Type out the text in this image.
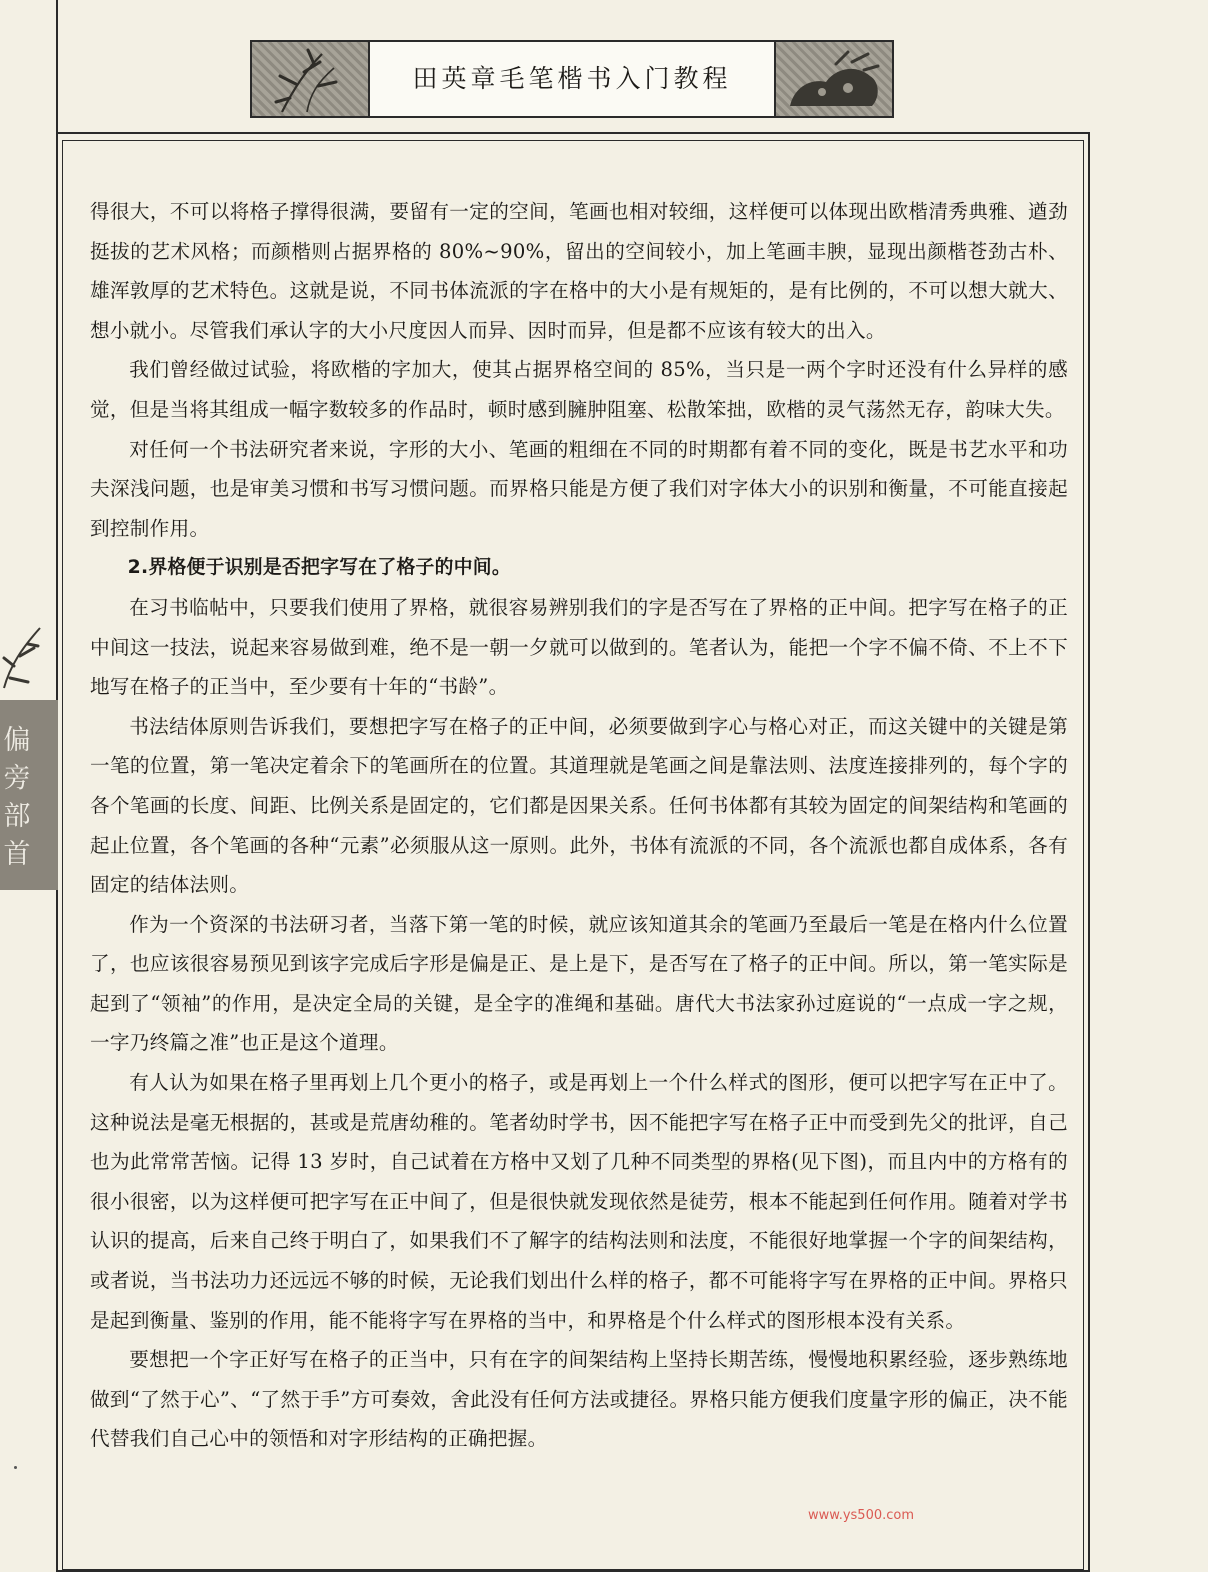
田英章毛笔楷书入门教程
偏
旁
部
首

得很大，不可以将格子撑得很满，要留有一定的空间，笔画也相对较细，这样便可以体现出欧楷清秀典雅、遒劲挺拔的艺术风格；而颜楷则占据界格的 80%~90%，留出的空间较小，加上笔画丰腴，显现出颜楷苍劲古朴、雄浑敦厚的艺术特色。这就是说，不同书体流派的字在格中的大小是有规矩的，是有比例的，不可以想大就大、想小就小。尽管我们承认字的大小尺度因人而异、因时而异，但是都不应该有较大的出入。

我们曾经做过试验，将欧楷的字加大，使其占据界格空间的 85%，当只是一两个字时还没有什么异样的感觉，但是当将其组成一幅字数较多的作品时，顿时感到臃肿阻塞、松散笨拙，欧楷的灵气荡然无存，韵味大失。

对任何一个书法研究者来说，字形的大小、笔画的粗细在不同的时期都有着不同的变化，既是书艺水平和功夫深浅问题，也是审美习惯和书写习惯问题。而界格只能是方便了我们对字体大小的识别和衡量，不可能直接起到控制作用。

2.界格便于识别是否把字写在了格子的中间。

在习书临帖中，只要我们使用了界格，就很容易辨别我们的字是否写在了界格的正中间。把字写在格子的正中间这一技法，说起来容易做到难，绝不是一朝一夕就可以做到的。笔者认为，能把一个字不偏不倚、不上不下地写在格子的正当中，至少要有十年的“书龄”。

书法结体原则告诉我们，要想把字写在格子的正中间，必须要做到字心与格心对正，而这关键中的关键是第一笔的位置，第一笔决定着余下的笔画所在的位置。其道理就是笔画之间是靠法则、法度连接排列的，每个字的各个笔画的长度、间距、比例关系是固定的，它们都是因果关系。任何书体都有其较为固定的间架结构和笔画的起止位置，各个笔画的各种“元素”必须服从这一原则。此外，书体有流派的不同，各个流派也都自成体系，各有固定的结体法则。

作为一个资深的书法研习者，当落下第一笔的时候，就应该知道其余的笔画乃至最后一笔是在格内什么位置了，也应该很容易预见到该字完成后字形是偏是正、是上是下，是否写在了格子的正中间。所以，第一笔实际是起到了“领袖”的作用，是决定全局的关键，是全字的准绳和基础。唐代大书法家孙过庭说的“一点成一字之规，一字乃终篇之准”也正是这个道理。

有人认为如果在格子里再划上几个更小的格子，或是再划上一个什么样式的图形，便可以把字写在正中了。这种说法是毫无根据的，甚或是荒唐幼稚的。笔者幼时学书，因不能把字写在格子正中而受到先父的批评，自己也为此常常苦恼。记得 13 岁时，自己试着在方格中又划了几种不同类型的界格(见下图)，而且内中的方格有的很小很密，以为这样便可把字写在正中间了，但是很快就发现依然是徒劳，根本不能起到任何作用。随着对学书认识的提高，后来自己终于明白了，如果我们不了解字的结构法则和法度，不能很好地掌握一个字的间架结构，或者说，当书法功力还远远不够的时候，无论我们划出什么样的格子，都不可能将字写在界格的正中间。界格只是起到衡量、鉴别的作用，能不能将字写在界格的当中，和界格是个什么样式的图形根本没有关系。

要想把一个字正好写在格子的正当中，只有在字的间架结构上坚持长期苦练，慢慢地积累经验，逐步熟练地做到“了然于心”、“了然于手”方可奏效，舍此没有任何方法或捷径。界格只能方便我们度量字形的偏正，决不能代替我们自己心中的领悟和对字形结构的正确把握。

www.ys500.com
